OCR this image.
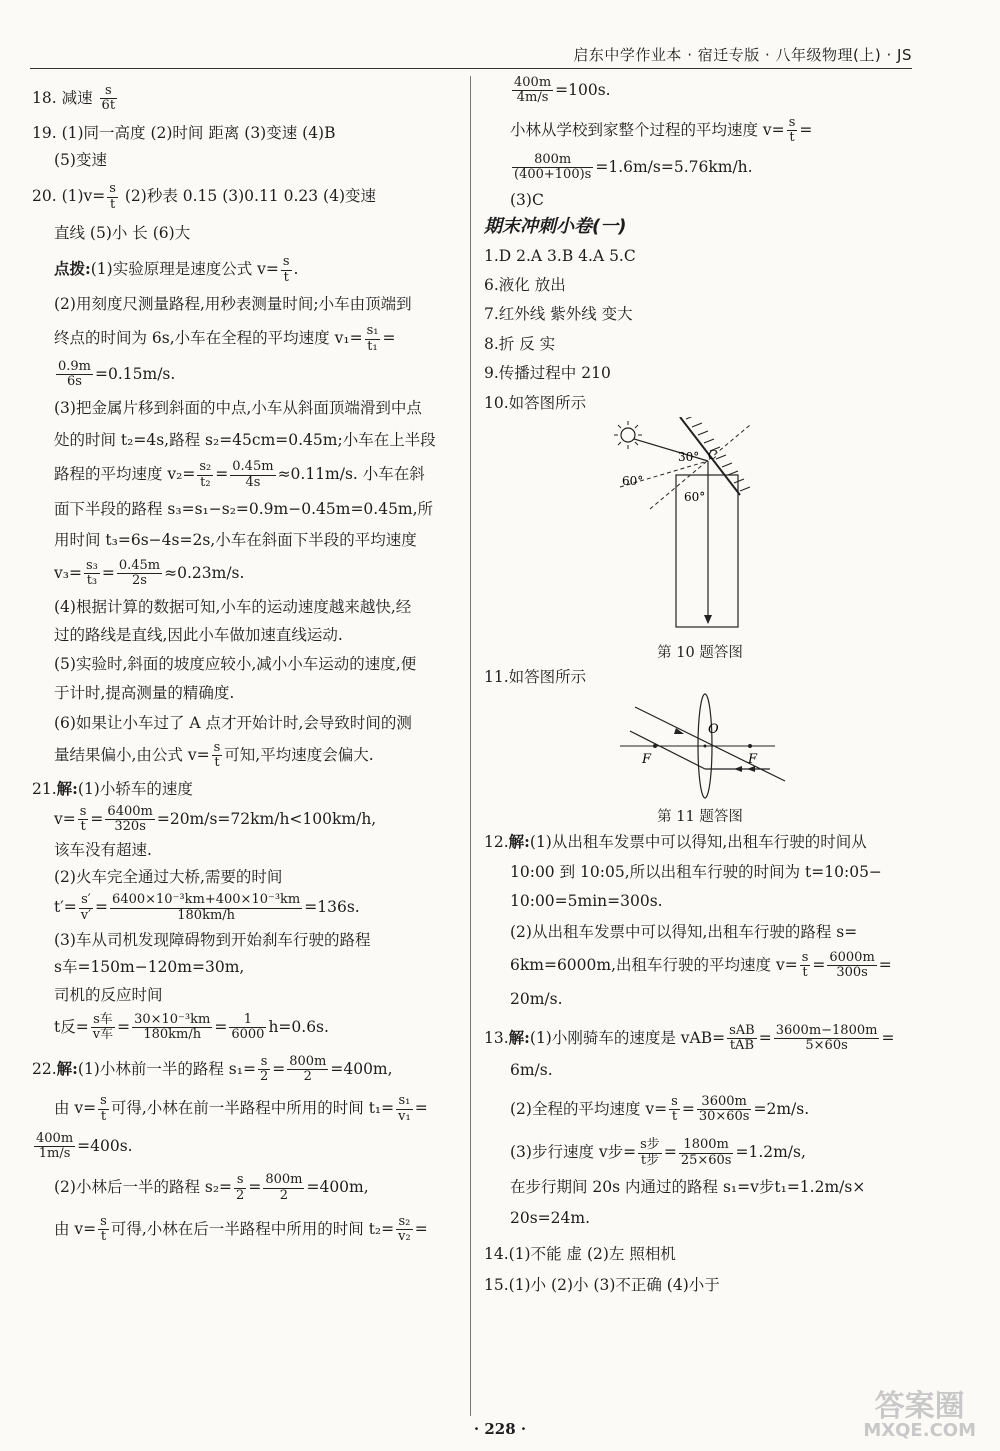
启东中学作业本 · 宿迁专版 · 八年级物理(上) · JS

18. 减速 $\frac{s}{6t}$

19. (1)同一高度 (2)时间 距离 (3)变速 (4)B

(5)变速

20. $(1)v= \frac{s}{t} (2)$秒表 0.15 (3)0.11 0.23 (4)变速

直线 (5)小 长 (6)大

点拨:(1)实验原理是速度公式 $v= \frac{s}{t}$ .

(2)用刻度尺测量路程,用秒表测量时间;小车由顶端到

终点的时间为 6s,小车在全程的平均速度 $v_1= \frac{\text{s₁}}{\text{t₁}}$ =

$\frac{0.9m}{6s} =0.15m/s$.

(3)把金属片移到斜面的中点,小车从斜面顶端滑到中点

处的时间 t₂=4s,路程 s₂=45cm=0.45m;小车在上半段

路程的平均速度 $v_2= \frac{\text{s₂}}{\text{t₂}} = \frac{0.45m}{4s} \approx 0.11m/s$. 小车在斜

面下半段的路程 s₃=s₁−s₂=0.9m−0.45m=0.45m,所

用时间 t₃=6s−4s=2s,小车在斜面下半段的平均速度

$v_3= \frac{\text{s₃}}{\text{t₃}} = \frac{0.45m}{2s} \approx 0.23m/s$.

(4)根据计算的数据可知,小车的运动速度越来越快,经

过的路线是直线,因此小车做加速直线运动.

(5)实验时,斜面的坡度应较小,减小小车运动的速度,便

于计时,提高测量的精确度.

(6)如果让小车过了 A 点才开始计时,会导致时间的测

量结果偏小,由公式 $v= \frac{s}{t}$ 可知,平均速度会偏大.

21.解:(1)小轿车的速度

$v= \frac{s}{t} = \frac{6400m}{320s} =20m/s=72km/h<100km/h$,

该车没有超速.

(2)火车完全通过大桥,需要的时间

$t'= \frac{s'}{v'} = \frac{\text{6400×10⁻³km+400×10⁻³km}}{180km/h} =136s$.

(3)车从司机发现障碍物到开始刹车行驶的路程

s车=150m−120m=30m,

司机的反应时间

t反= $\frac{\text{s车}}{\text{v车}} = \frac{\text{30×10⁻³km}}{180km/h} = \frac{1}{6000} h=0.6s$.

22.解:(1)小林前一半的路程 $s_1= \frac{s}{2} = \frac{800m}{2} =400m$,

由 $v= \frac{s}{t}$ 可得,小林在前一半路程中所用的时间 $t_1= \frac{\text{s₁}}{\text{v₁}}$ =

$\frac{400m}{1m/s} =400s$.

(2)小林后一半的路程 $s_2= \frac{s}{2} = \frac{800m}{2} =400m$,

由 $v= \frac{s}{t}$ 可得,小林在后一半路程中所用的时间 $t_2= \frac{\text{s₂}}{\text{v₂}}$ =

$\frac{400m}{4m/s} =100s$.

小林从学校到家整个过程的平均速度 $v= \frac{s}{t}$ =

$\frac{800m}{(400+100)s} =1.6m/s=5.76km/h$.

(3)C

期末冲刺小卷(一)

1.D 2.A 3.B 4.A 5.C

6.液化 放出

7.红外线 紫外线 变大

8.折 反 实

9.传播过程中 210

10.如答图所示

60°
30° C
60°

第 10 题答图

11.如答图所示

O
F	F

第 11 题答图

12.解:(1)从出租车发票中可以得知,出租车行驶的时间从

10:00 到 10:05,所以出租车行驶的时间为 t=10:05−

10:00=5min=300s.

(2)从出租车发票中可以得知,出租车行驶的路程 s=

6km=6000m,出租车行驶的平均速度 $v= \frac{s}{t} = \frac{6000m}{300s}$ =

20m/s.

13.解:(1)小刚骑车的速度是 $vAB= \frac{\text{sAB}}{\text{tAB}} = \frac{3600m-1800m}{5\times 60s}$ =

6m/s.

(2)全程的平均速度 $v= \frac{s}{t} = \frac{3600m}{30\times 60s} =2m/s$.

(3)步行速度 v步= $\frac{\text{s步}}{\text{t步}} = \frac{1800m}{25\times 60s} =1.2m/s$,

在步行期间 20s 内通过的路程 s₁=v步t₁=1.2m/s×

20s=24m.

14.(1)不能 虚 (2)左 照相机

15.(1)小 (2)小 (3)不正确 (4)小于

· 228 ·
答案圈
MXQE.COM
